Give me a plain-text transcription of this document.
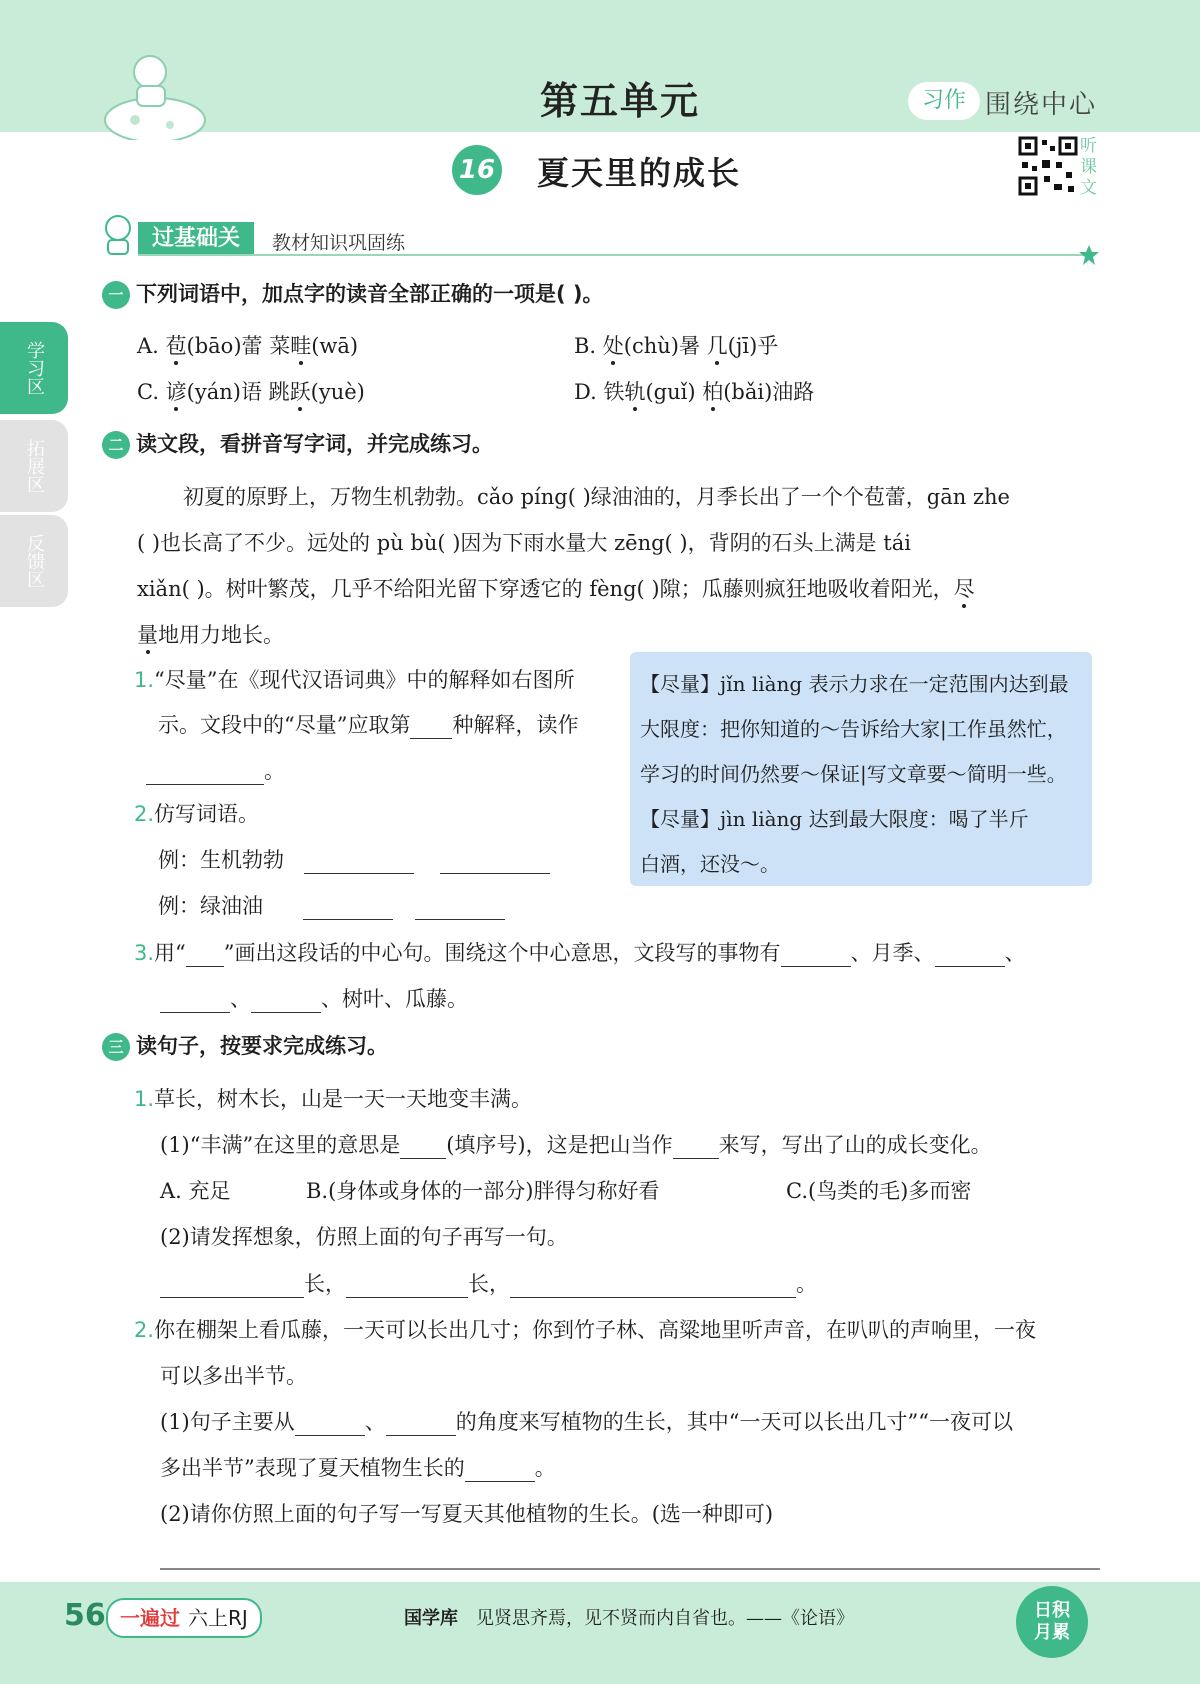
第五单元	习作 围绕中心
16 夏天里的成长
听
课
文
过基础关	教材知识巩固练
学习区
拓展区
反馈区
一 下列词语中，加点字的读音全部正确的一项是( )。
A. 苞(bāo)蕾 菜畦(wā)	B. 处(chù)暑 几(jī)乎
C. 谚(yán)语 跳跃(yuè)	D. 铁轨(guǐ) 柏(bǎi)油路
二 读文段，看拼音写字词，并完成练习。
初夏的原野上，万物生机勃勃。cǎo píng( )绿油油的，月季长出了一个个苞蕾，gān zhe
( )也长高了不少。远处的 pù bù( )因为下雨水量大 zēng( )，背阴的石头上满是 tái
xiǎn( )。树叶繁茂，几乎不给阳光留下穿透它的 fèng( )隙；瓜藤则疯狂地吸收着阳光，尽
量地用力地长。
1.“尽量”在《现代汉语词典》中的解释如右图所
示。文段中的“尽量”应取第 种解释，读作
。
【尽量】jǐn liàng 表示力求在一定范围内达到最
大限度：把你知道的～告诉给大家|工作虽然忙，
学习的时间仍然要～保证|写文章要～简明一些。
【尽量】jìn liàng 达到最大限度：喝了半斤
白酒，还没～。
2.仿写词语。
例：生机勃勃
例：绿油油
3.用“ ”画出这段话的中心句。围绕这个中心意思，文段写的事物有	、月季、	、
、	、树叶、瓜藤。
三 读句子，按要求完成练习。
1.草长，树木长，山是一天一天地变丰满。
(1)“丰满”在这里的意思是 (填序号)，这是把山当作 来写，写出了山的成长变化。
A. 充足	B.(身体或身体的一部分)胖得匀称好看	C.(鸟类的毛)多而密
(2)请发挥想象，仿照上面的句子再写一句。
长，	长，	。
2.你在棚架上看瓜藤，一天可以长出几寸；你到竹子林、高粱地里听声音，在叭叭的声响里，一夜
可以多出半节。
(1)句子主要从	、	的角度来写植物的生长，其中“一天可以长出几寸”“一夜可以
多出半节”表现了夏天植物生长的	。
(2)请你仿照上面的句子写一写夏天其他植物的生长。(选一种即可)
56 一遍过 六上RJ	国学库 见贤思齐焉，见不贤而内自省也。——《论语》	日积
月累
